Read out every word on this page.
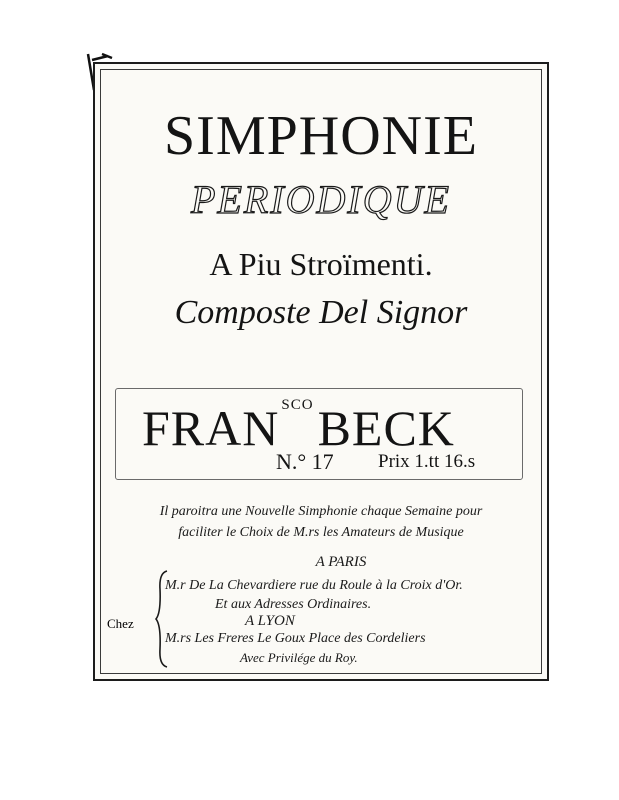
SIMPHONIE
PERIODIQUE
A Piu Stroïmenti.
Composte Del Signor
FRAN $^{SCO}$BECK
N.° 17 Prix 1.tt 16.s
Il paroitra une Nouvelle Simphonie chaque Semaine pour
faciliter le Choix de M.rs les Amateurs de Musique
A PARIS
Chez
M.r De La Chevardiere rue du Roule à la Croix d'Or.
Et aux Adresses Ordinaires.
A LYON
M.rs Les Freres Le Goux Place des Cordeliers
Avec Privilége du Roy.
